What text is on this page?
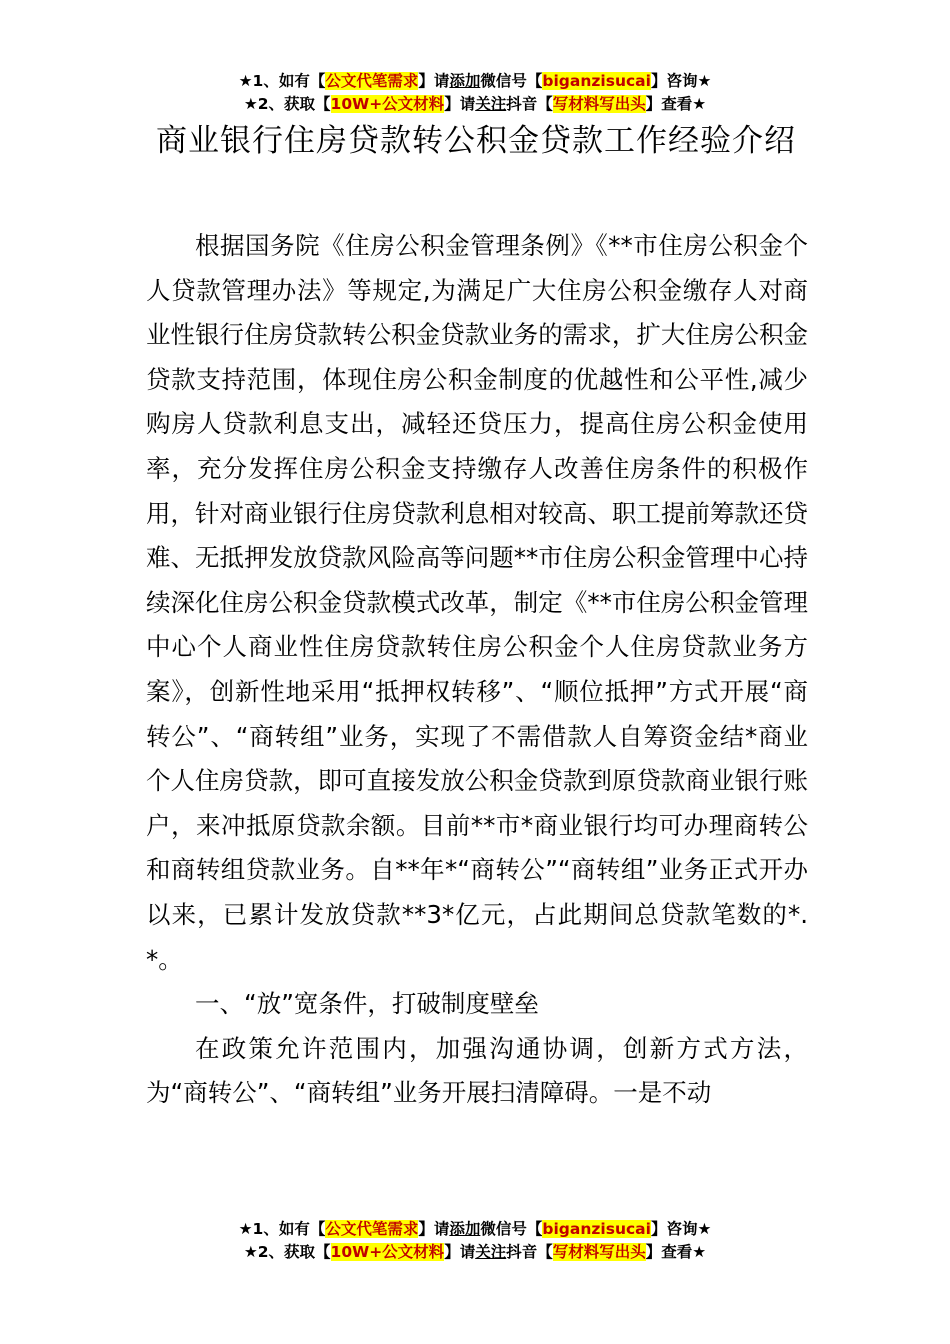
★1、如有【公文代笔需求】请添加微信号【biganzisucai】咨询★
★2、获取【10W+公文材料】请关注抖音【写材料写出头】查看★
商业银行住房贷款转公积金贷款工作经验介绍

根据国务院《住房公积金管理条例》《**市住房公积金个人贷款管理办法》等规定,为满足广大住房公积金缴存人对商业性银行住房贷款转公积金贷款业务的需求，扩大住房公积金贷款支持范围，体现住房公积金制度的优越性和公平性,减少购房人贷款利息支出，减轻还贷压力，提高住房公积金使用率，充分发挥住房公积金支持缴存人改善住房条件的积极作用，针对商业银行住房贷款利息相对较高、职工提前筹款还贷难、无抵押发放贷款风险高等问题**市住房公积金管理中心持续深化住房公积金贷款模式改革，制定《**市住房公积金管理中心个人商业性住房贷款转住房公积金个人住房贷款业务方案》，创新性地采用“抵押权转移”、“顺位抵押”方式开展“商转公”、“商转组”业务，实现了不需借款人自筹资金结*商业个人住房贷款，即可直接发放公积金贷款到原贷款商业银行账户，来冲抵原贷款余额。目前**市*商业银行均可办理商转公和商转组贷款业务。自**年*“商转公”“商转组”业务正式开办以来，已累计发放贷款**3*亿元，占此期间总贷款笔数的*.*。

一、“放”宽条件，打破制度壁垒

在政策允许范围内，加强沟通协调，创新方式方法，为“商转公”、“商转组”业务开展扫清障碍。一是不动

★1、如有【公文代笔需求】请添加微信号【biganzisucai】咨询★
★2、获取【10W+公文材料】请关注抖音【写材料写出头】查看★
